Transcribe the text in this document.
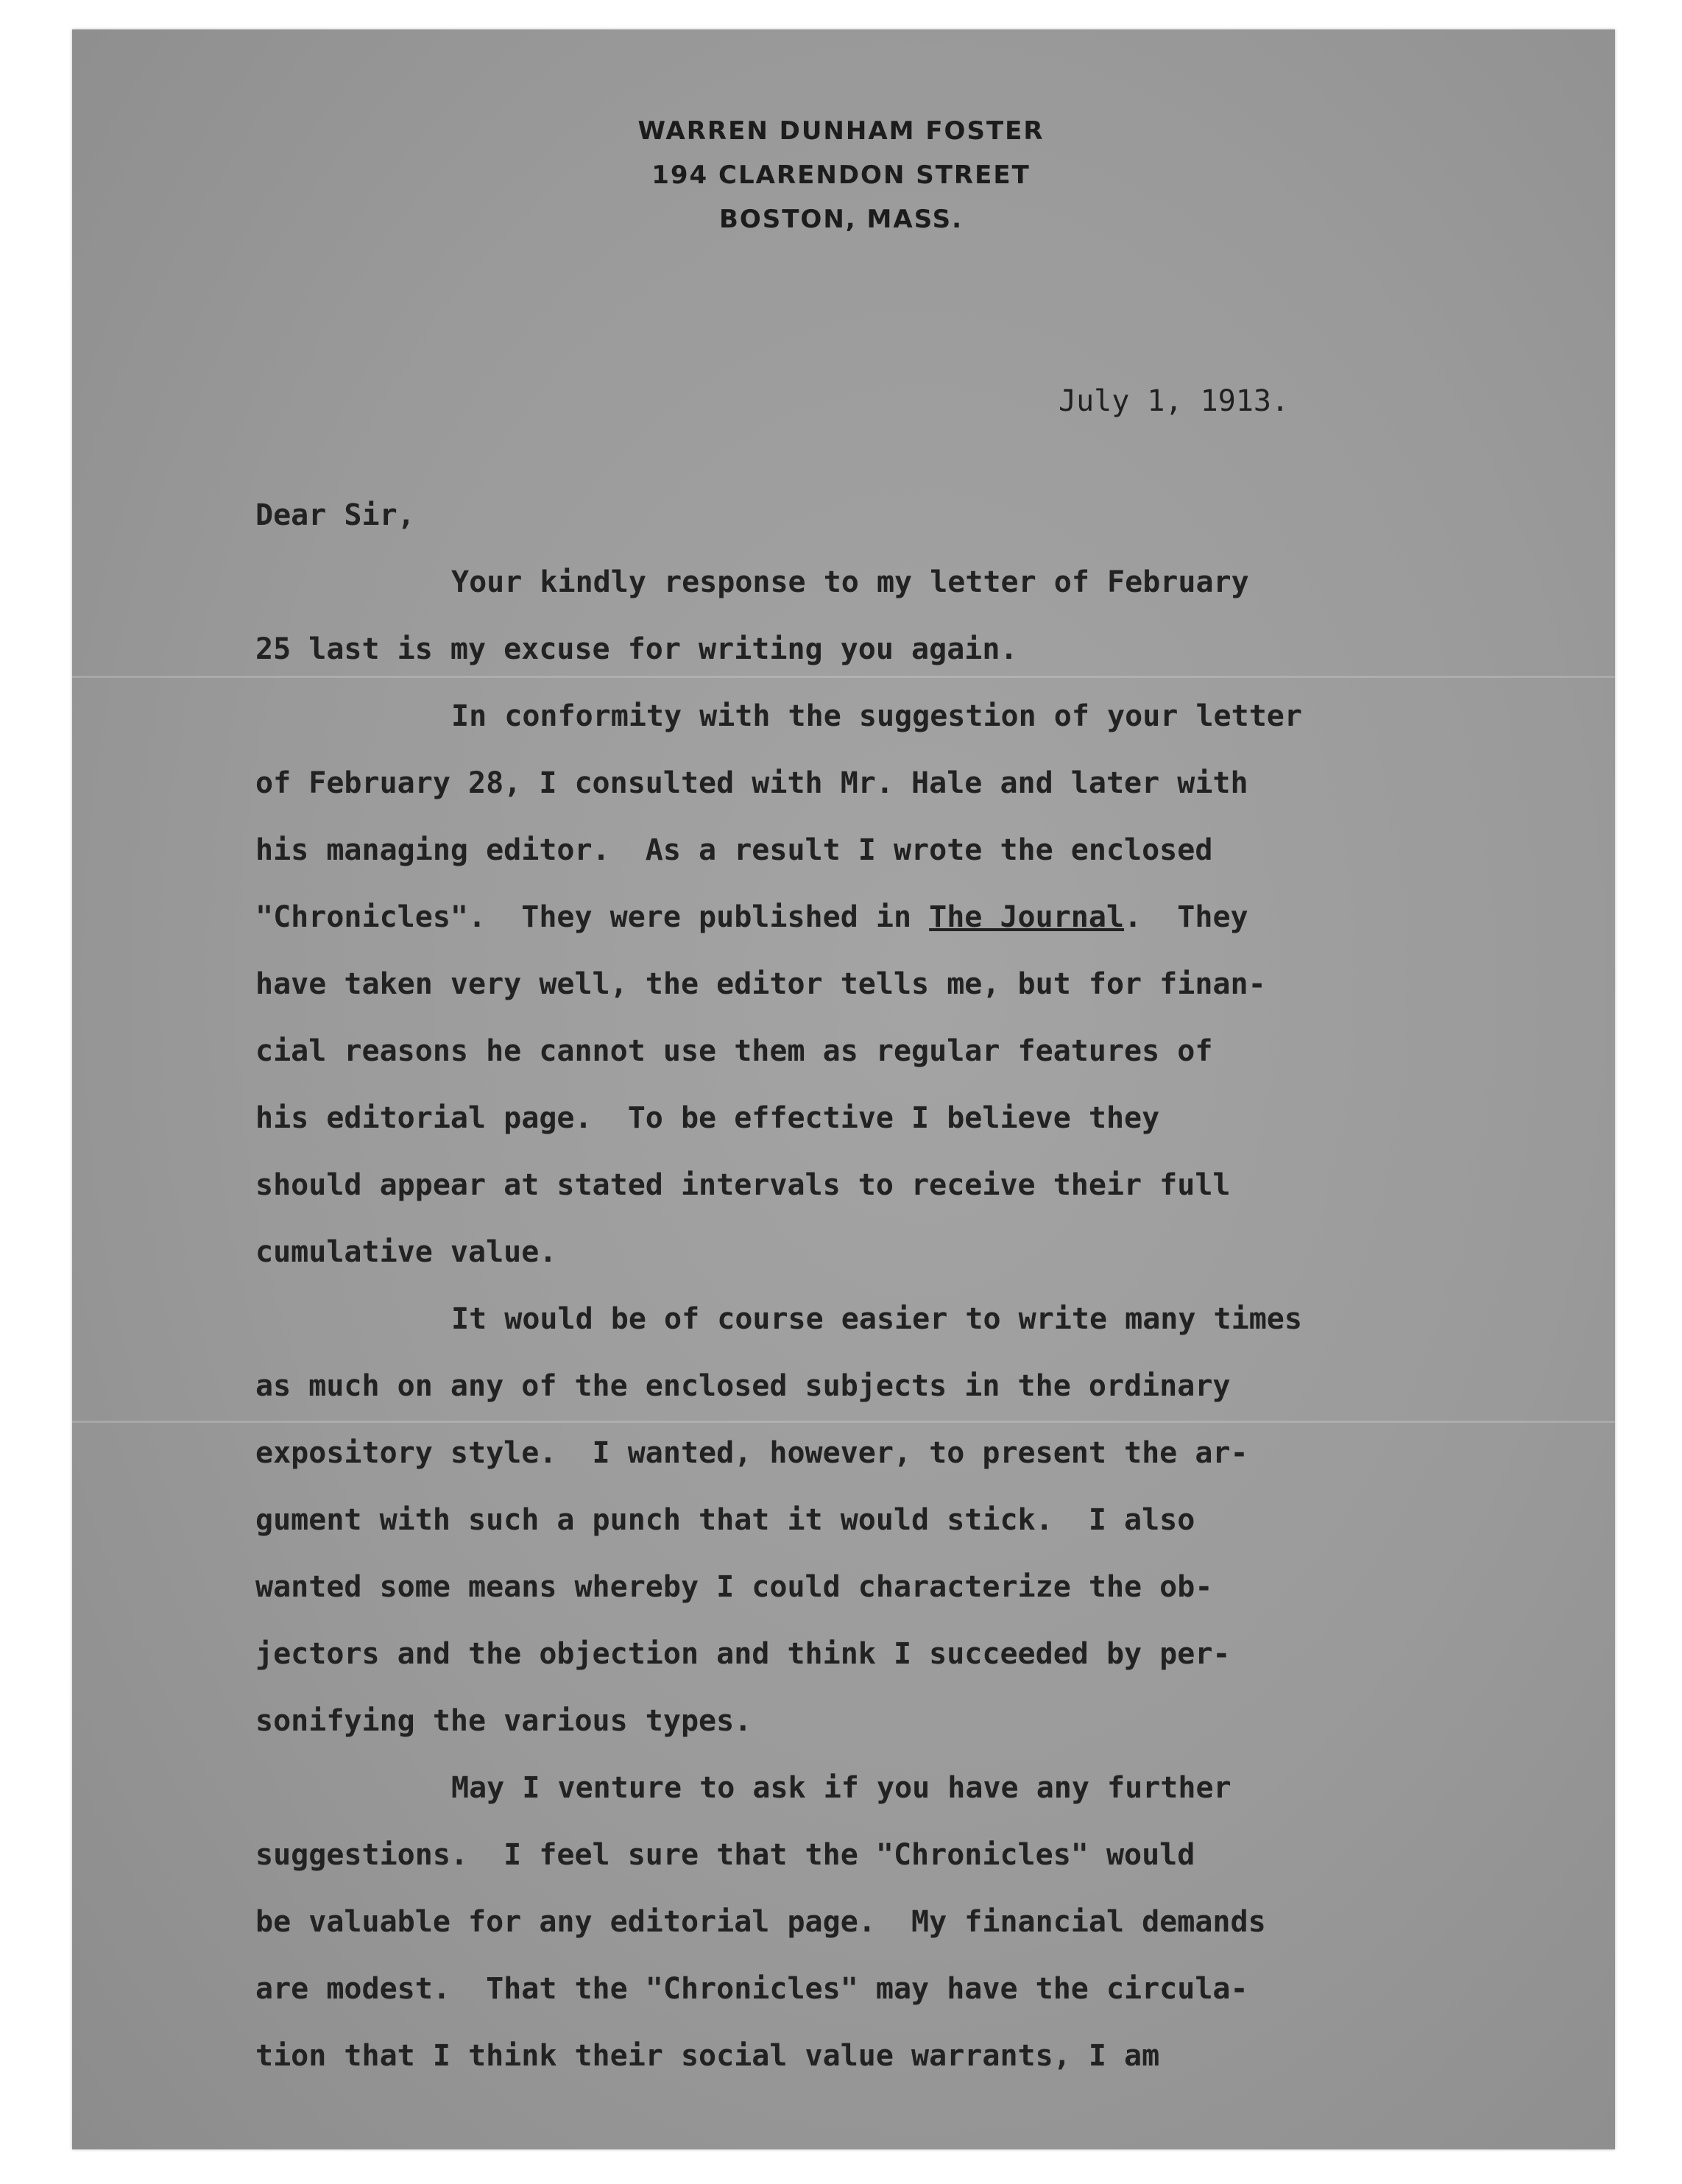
WARREN DUNHAM FOSTER
194 CLARENDON STREET
BOSTON, MASS.
July 1, 1913.
Dear Sir,
Your kindly response to my letter of February
25 last is my excuse for writing you again.
In conformity with the suggestion of your letter
of February 28, I consulted with Mr. Hale and later with
his managing editor.  As a result I wrote the enclosed
"Chronicles".  They were published in The Journal.  They
have taken very well, the editor tells me, but for finan-
cial reasons he cannot use them as regular features of
his editorial page.  To be effective I believe they
should appear at stated intervals to receive their full
cumulative value.
It would be of course easier to write many times
as much on any of the enclosed subjects in the ordinary
expository style.  I wanted, however, to present the ar-
gument with such a punch that it would stick.  I also
wanted some means whereby I could characterize the ob-
jectors and the objection and think I succeeded by per-
sonifying the various types.
May I venture to ask if you have any further
suggestions.  I feel sure that the "Chronicles" would
be valuable for any editorial page.  My financial demands
are modest.  That the "Chronicles" may have the circula-
tion that I think their social value warrants, I am
